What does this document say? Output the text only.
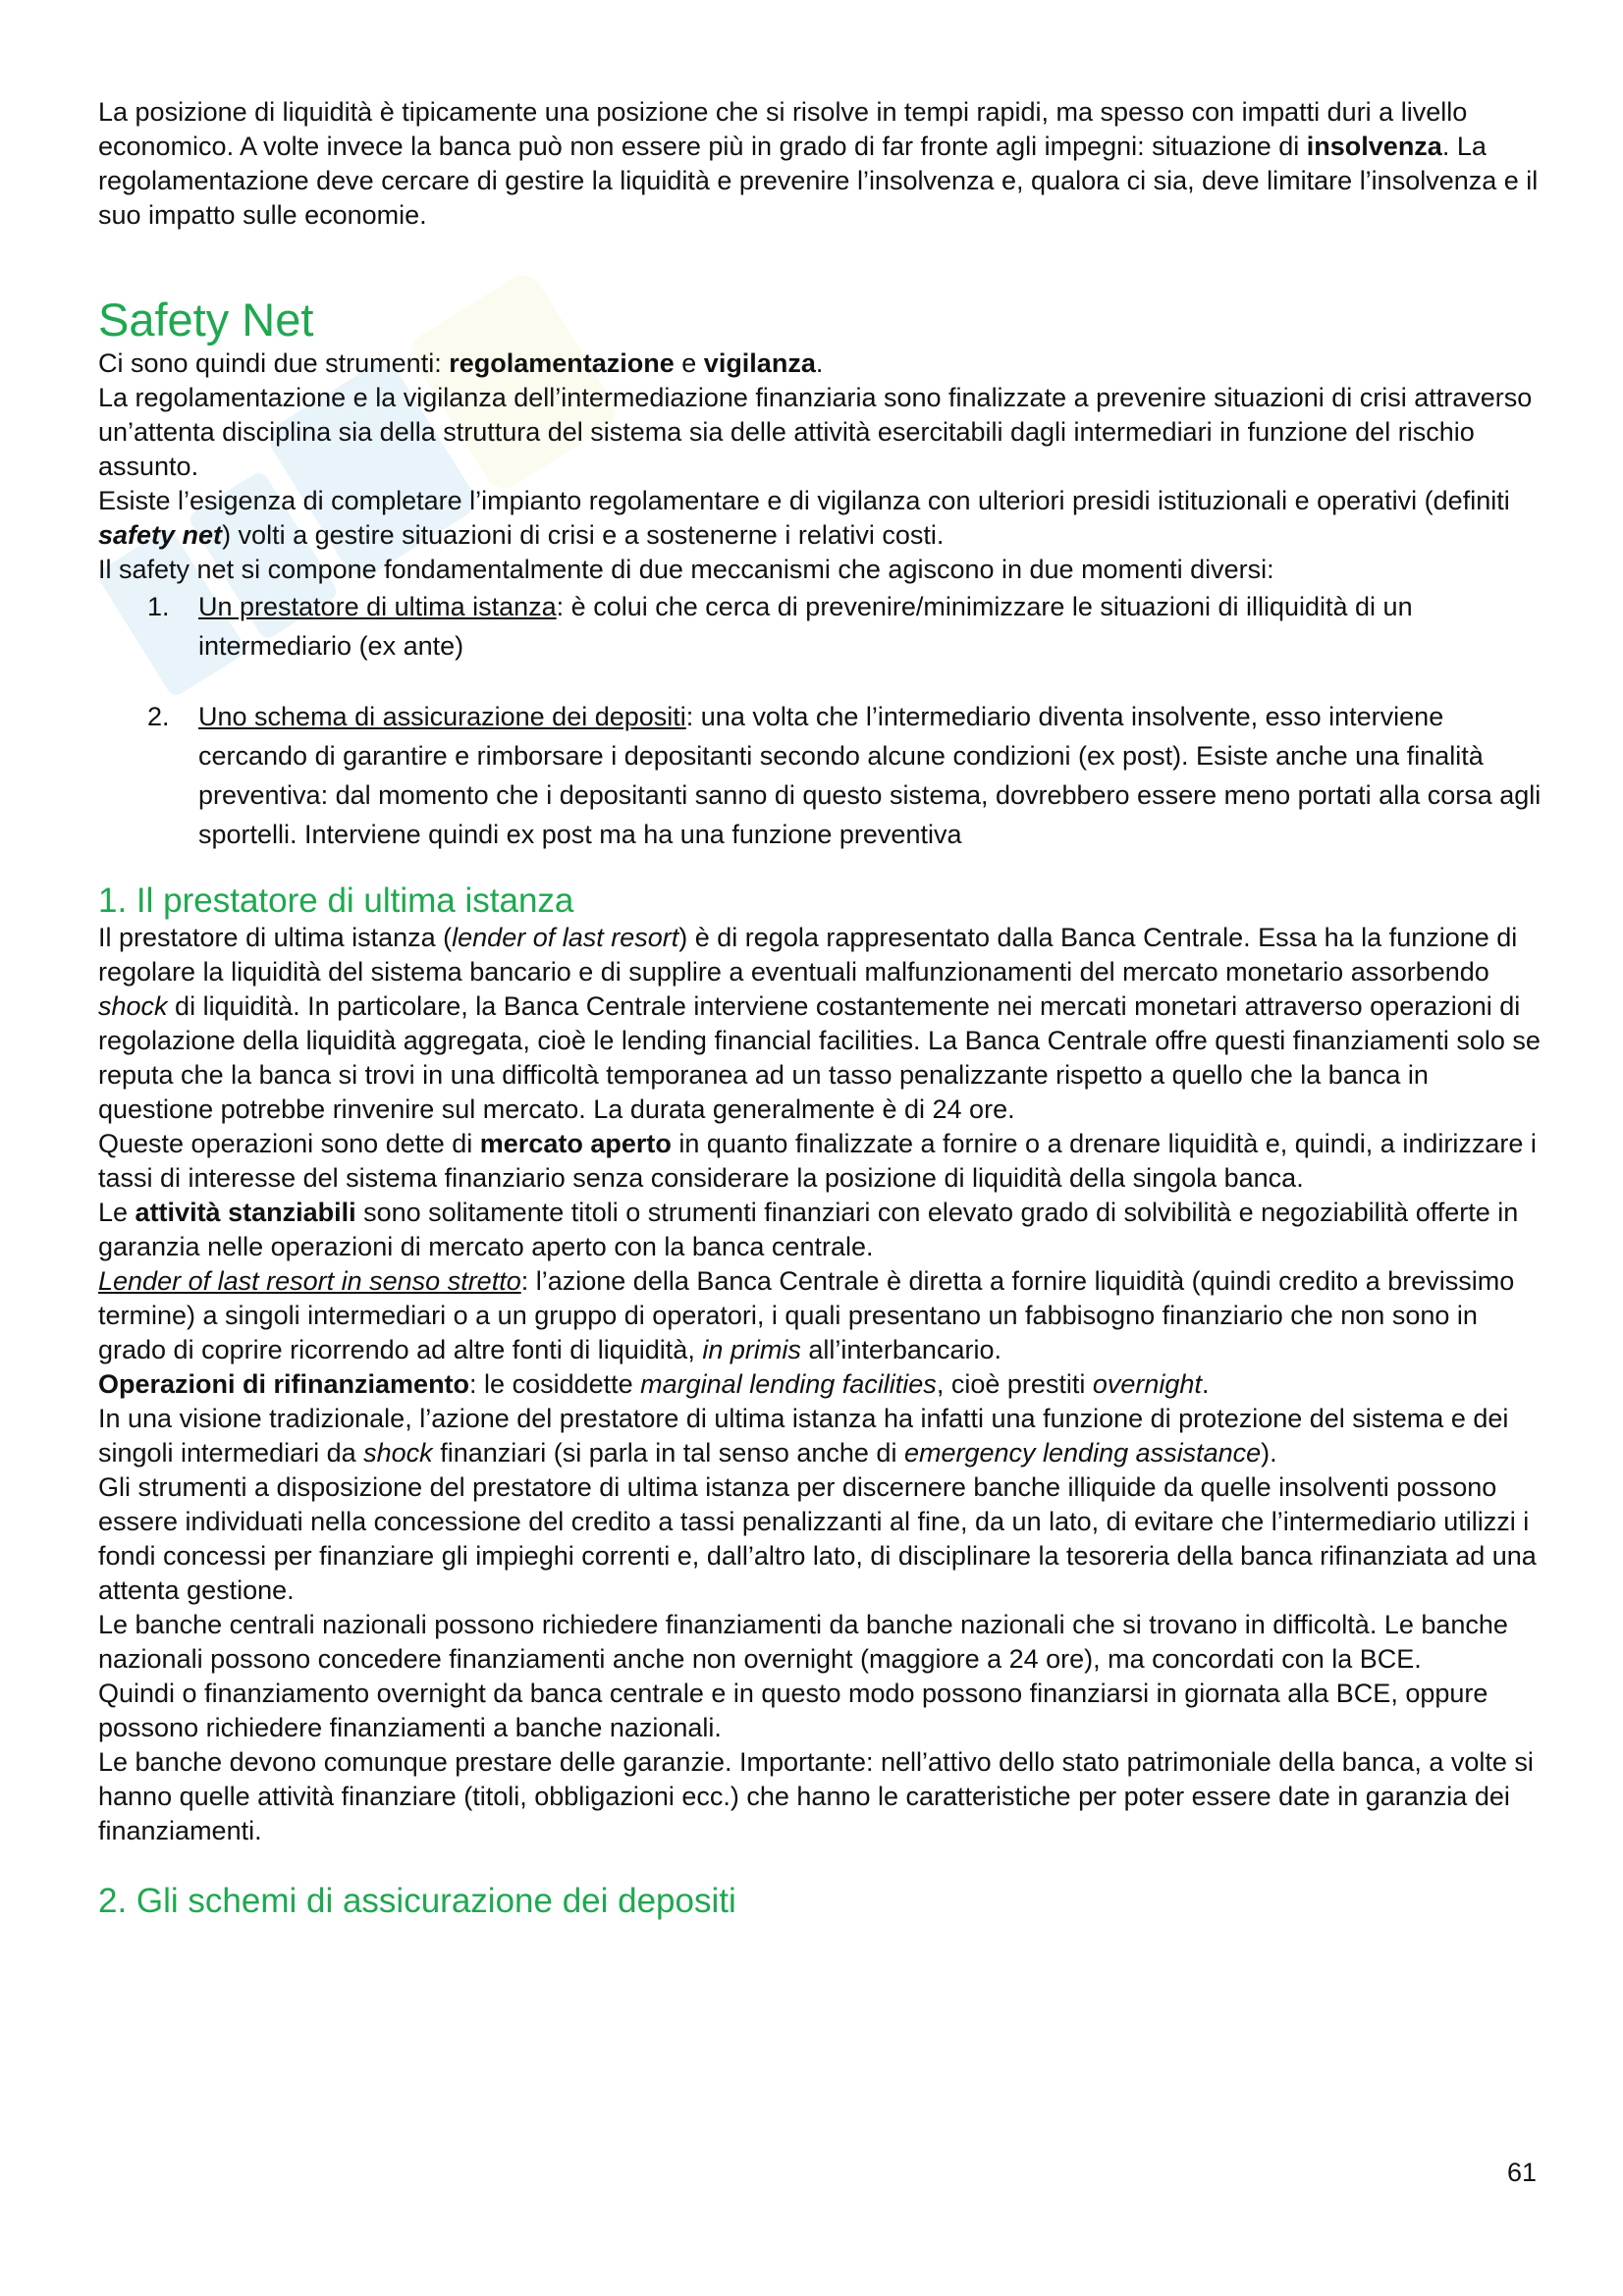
La posizione di liquidità è tipicamente una posizione che si risolve in tempi rapidi, ma spesso con impatti duri a livello economico. A volte invece la banca può non essere più in grado di far fronte agli impegni: situazione di insolvenza. La regolamentazione deve cercare di gestire la liquidità e prevenire l’insolvenza e, qualora ci sia, deve limitare l’insolvenza e il suo impatto sulle economie.

Safety Net

Ci sono quindi due strumenti: regolamentazione e vigilanza.

La regolamentazione e la vigilanza dell’intermediazione finanziaria sono finalizzate a prevenire situazioni di crisi attraverso un’attenta disciplina sia della struttura del sistema sia delle attività esercitabili dagli intermediari in funzione del rischio assunto.

Esiste l’esigenza di completare l’impianto regolamentare e di vigilanza con ulteriori presidi istituzionali e operativi (definiti safety net) volti a gestire situazioni di crisi e a sostenerne i relativi costi.

Il safety net si compone fondamentalmente di due meccanismi che agiscono in due momenti diversi:

1. Un prestatore di ultima istanza: è colui che cerca di prevenire/minimizzare le situazioni di illiquidità di un intermediario (ex ante)
2. Uno schema di assicurazione dei depositi: una volta che l’intermediario diventa insolvente, esso interviene cercando di garantire e rimborsare i depositanti secondo alcune condizioni (ex post). Esiste anche una finalità preventiva: dal momento che i depositanti sanno di questo sistema, dovrebbero essere meno portati alla corsa agli sportelli. Interviene quindi ex post ma ha una funzione preventiva
1. Il prestatore di ultima istanza

Il prestatore di ultima istanza (lender of last resort) è di regola rappresentato dalla Banca Centrale. Essa ha la funzione di regolare la liquidità del sistema bancario e di supplire a eventuali malfunzionamenti del mercato monetario assorbendo shock di liquidità. In particolare, la Banca Centrale interviene costantemente nei mercati monetari attraverso operazioni di regolazione della liquidità aggregata, cioè le lending financial facilities. La Banca Centrale offre questi finanziamenti solo se reputa che la banca si trovi in una difficoltà temporanea ad un tasso penalizzante rispetto a quello che la banca in questione potrebbe rinvenire sul mercato. La durata generalmente è di 24 ore.

Queste operazioni sono dette di mercato aperto in quanto finalizzate a fornire o a drenare liquidità e, quindi, a indirizzare i tassi di interesse del sistema finanziario senza considerare la posizione di liquidità della singola banca.

Le attività stanziabili sono solitamente titoli o strumenti finanziari con elevato grado di solvibilità e negoziabilità offerte in garanzia nelle operazioni di mercato aperto con la banca centrale.

Lender of last resort in senso stretto: l’azione della Banca Centrale è diretta a fornire liquidità (quindi credito a brevissimo termine) a singoli intermediari o a un gruppo di operatori, i quali presentano un fabbisogno finanziario che non sono in grado di coprire ricorrendo ad altre fonti di liquidità, in primis all’interbancario.

Operazioni di rifinanziamento: le cosiddette marginal lending facilities, cioè prestiti overnight.

In una visione tradizionale, l’azione del prestatore di ultima istanza ha infatti una funzione di protezione del sistema e dei singoli intermediari da shock finanziari (si parla in tal senso anche di emergency lending assistance).

Gli strumenti a disposizione del prestatore di ultima istanza per discernere banche illiquide da quelle insolventi possono essere individuati nella concessione del credito a tassi penalizzanti al fine, da un lato, di evitare che l’intermediario utilizzi i fondi concessi per finanziare gli impieghi correnti e, dall’altro lato, di disciplinare la tesoreria della banca rifinanziata ad una attenta gestione.

Le banche centrali nazionali possono richiedere finanziamenti da banche nazionali che si trovano in difficoltà. Le banche nazionali possono concedere finanziamenti anche non overnight (maggiore a 24 ore), ma concordati con la BCE.

Quindi o finanziamento overnight da banca centrale e in questo modo possono finanziarsi in giornata alla BCE, oppure possono richiedere finanziamenti a banche nazionali.

Le banche devono comunque prestare delle garanzie. Importante: nell’attivo dello stato patrimoniale della banca, a volte si hanno quelle attività finanziare (titoli, obbligazioni ecc.) che hanno le caratteristiche per poter essere date in garanzia dei finanziamenti.

2. Gli schemi di assicurazione dei depositi
61
